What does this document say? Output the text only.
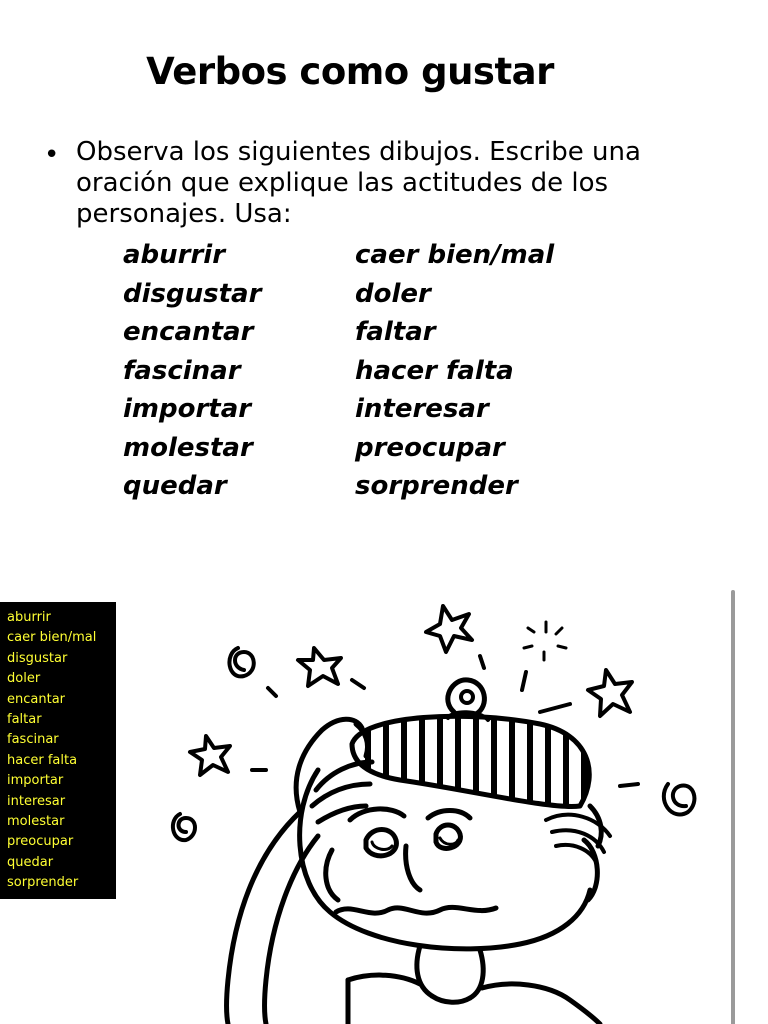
Verbos como gustar
• Observa los siguientes dibujos. Escribe una oración que explique las actitudes de los personajes. Usa:
aburrir
disgustar
encantar
fascinar
importar
molestar
quedar
caer bien/mal
doler
faltar
hacer falta
interesar
preocupar
sorprender
aburrir
caer bien/mal
disgustar
doler
encantar
faltar
fascinar
hacer falta
importar
interesar
molestar
preocupar
quedar
sorprender
